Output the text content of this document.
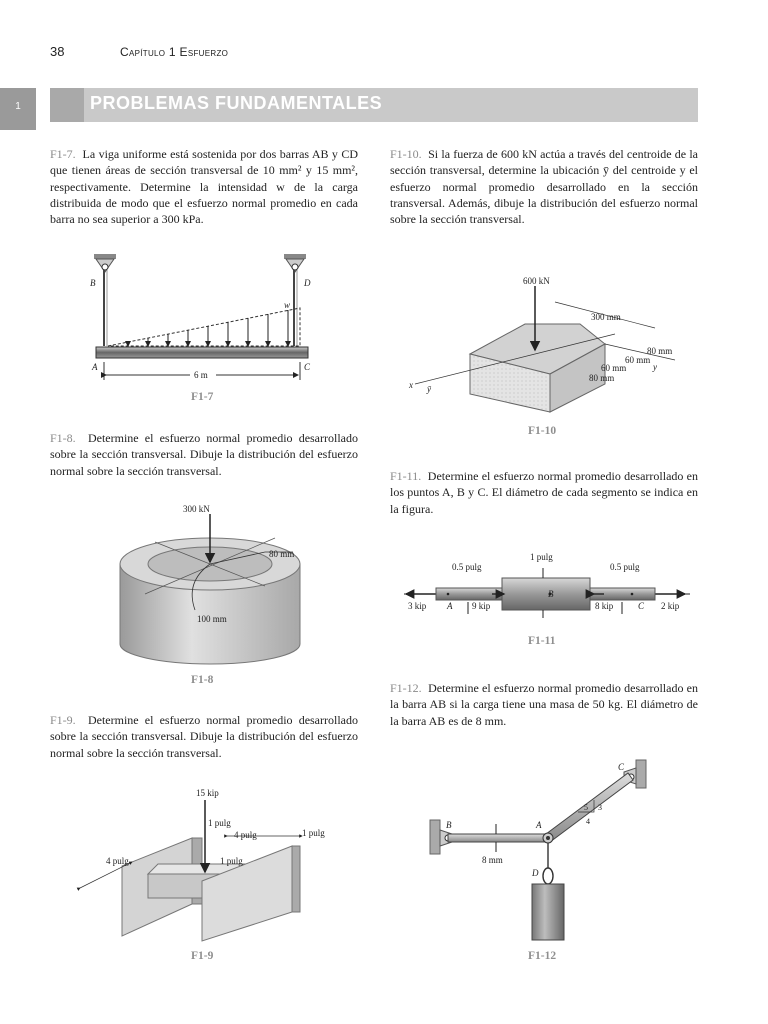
38	Capítulo 1 Esfuerzo
1	PROBLEMAS FUNDAMENTALES
F1-7. La viga uniforme está sostenida por dos barras AB y CD que tienen áreas de sección transversal de 10 mm² y 15 mm², respectivamente. Determine la intensidad w de la carga distribuida de modo que el esfuerzo normal promedio en cada barra no sea superior a 300 kPa.
F1-8. Determine el esfuerzo normal promedio desarrollado sobre la sección transversal. Dibuje la distribución del esfuerzo normal sobre la sección transversal.
F1-9. Determine el esfuerzo normal promedio desarrollado sobre la sección transversal. Dibuje la distribución del esfuerzo normal sobre la sección transversal.
F1-10. Si la fuerza de 600 kN actúa a través del centroide de la sección transversal, determine la ubicación ȳ del centroide y el esfuerzo normal promedio desarrollado en la sección transversal. Además, dibuje la distribución del esfuerzo normal sobre la sección transversal.
F1-11. Determine el esfuerzo normal promedio desarrollado en los puntos A, B y C. El diámetro de cada segmento se indica en la figura.
F1-12. Determine el esfuerzo normal promedio desarrollado en la barra AB si la carga tiene una masa de 50 kg. El diámetro de la barra AB es de 8 mm.
B	D
w
A	C
6 m
F1-7
300 kN
80 mm
100 mm
F1-8
15 kip
1 pulg
4 pulg	1 pulg
4 pulg	1 pulg
F1-9
600 kN
300 mm
80 mm
60 mm
60 mm
80 mm
y
x ȳ
F1-10
1 pulg
0.5 pulg	0.5 pulg
3 kip A 9 kip
B
8 kip	C 2 kip
F1-11
B	A
C
D
8 mm
5 3
4
F1-12
